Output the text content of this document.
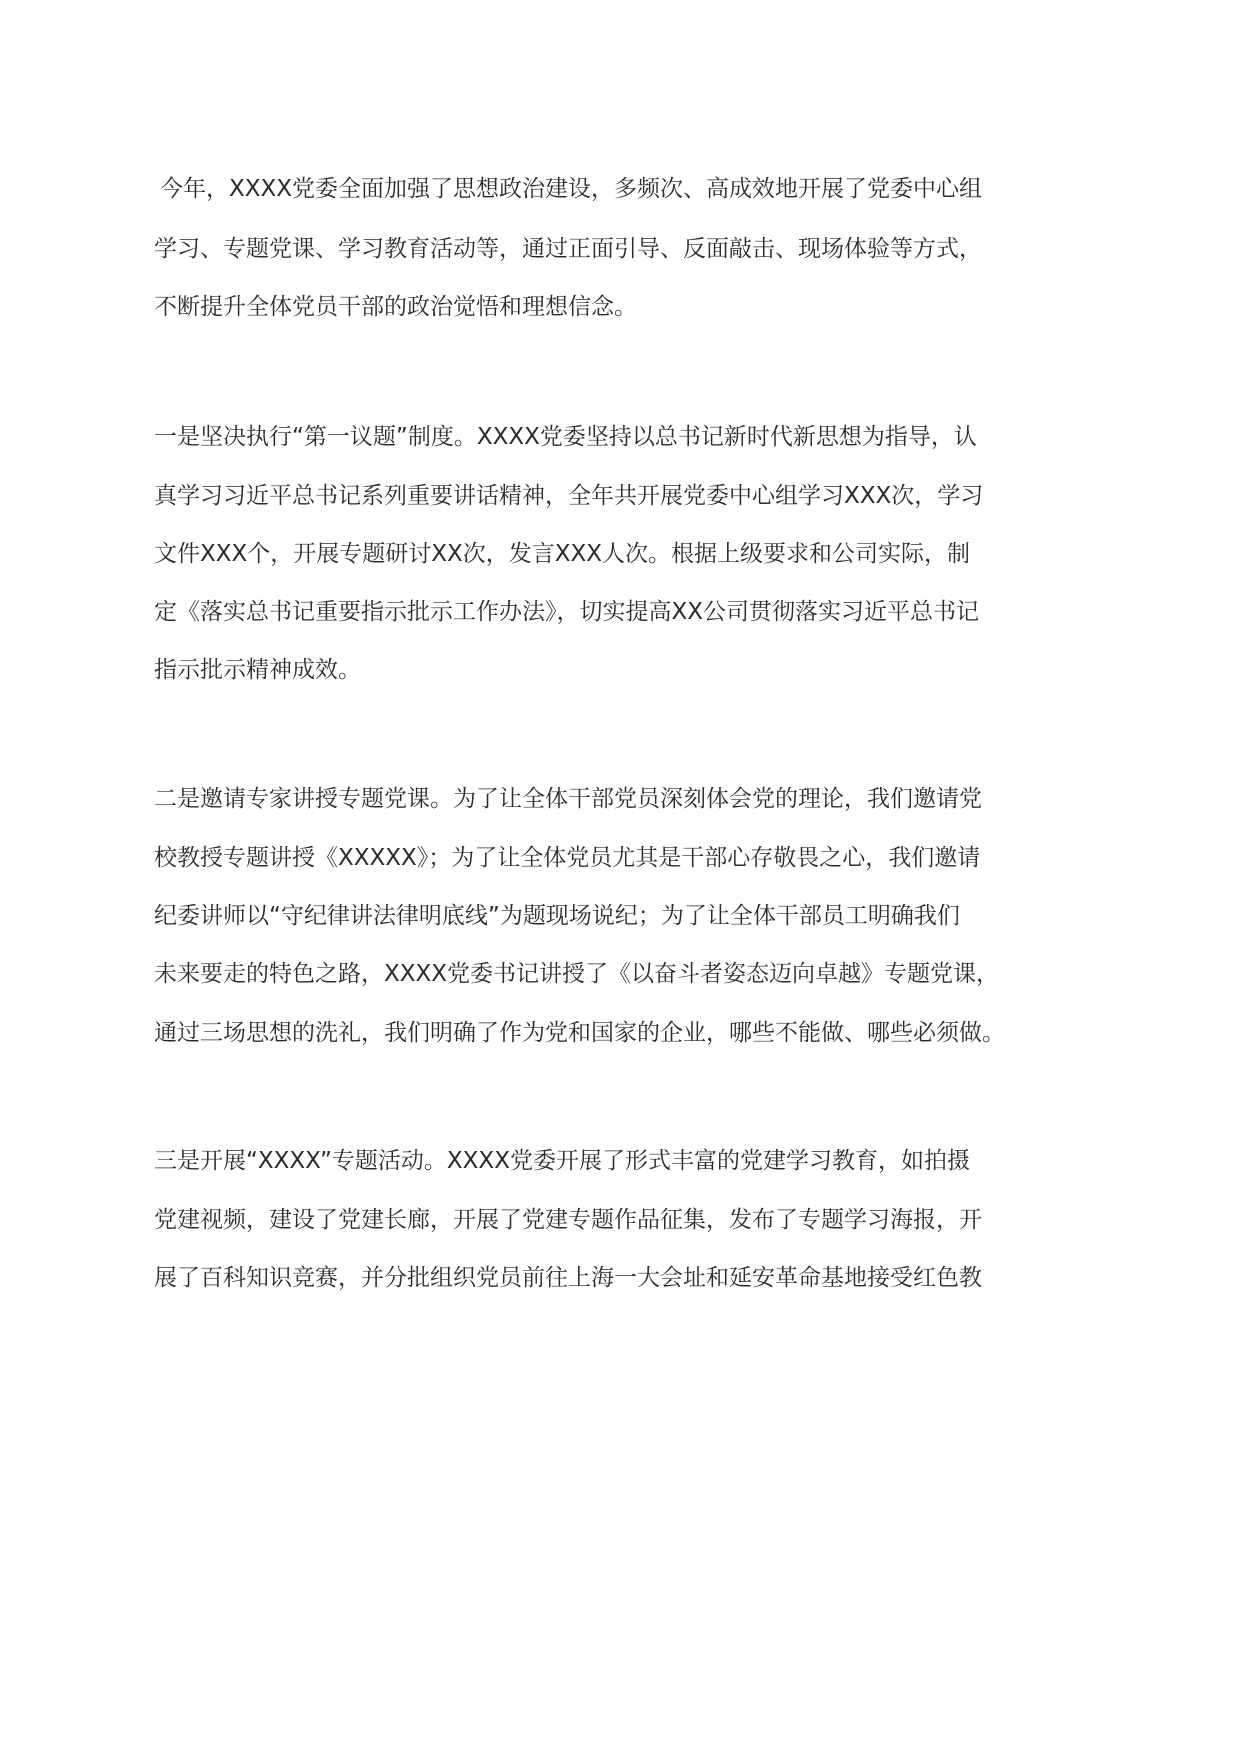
今年，XXXX党委全面加强了思想政治建设，多频次、高成效地开展了党委中心组
学习、专题党课、学习教育活动等，通过正面引导、反面敲击、现场体验等方式，
不断提升全体党员干部的政治觉悟和理想信念。
一是坚决执行“第一议题”制度。XXXX党委坚持以总书记新时代新思想为指导，认
真学习习近平总书记系列重要讲话精神，全年共开展党委中心组学习XXX次，学习
文件XXX个，开展专题研讨XX次，发言XXX人次。根据上级要求和公司实际，制
定《落实总书记重要指示批示工作办法》，切实提高XX公司贯彻落实习近平总书记
指示批示精神成效。
二是邀请专家讲授专题党课。为了让全体干部党员深刻体会党的理论，我们邀请党
校教授专题讲授《XXXXX》；为了让全体党员尤其是干部心存敬畏之心，我们邀请
纪委讲师以“守纪律讲法律明底线”为题现场说纪；为了让全体干部员工明确我们
未来要走的特色之路，XXXX党委书记讲授了《以奋斗者姿态迈向卓越》专题党课，
通过三场思想的洗礼，我们明确了作为党和国家的企业，哪些不能做、哪些必须做。
三是开展“XXXX”专题活动。XXXX党委开展了形式丰富的党建学习教育，如拍摄
党建视频，建设了党建长廊，开展了党建专题作品征集，发布了专题学习海报，开
展了百科知识竞赛，并分批组织党员前往上海一大会址和延安革命基地接受红色教
